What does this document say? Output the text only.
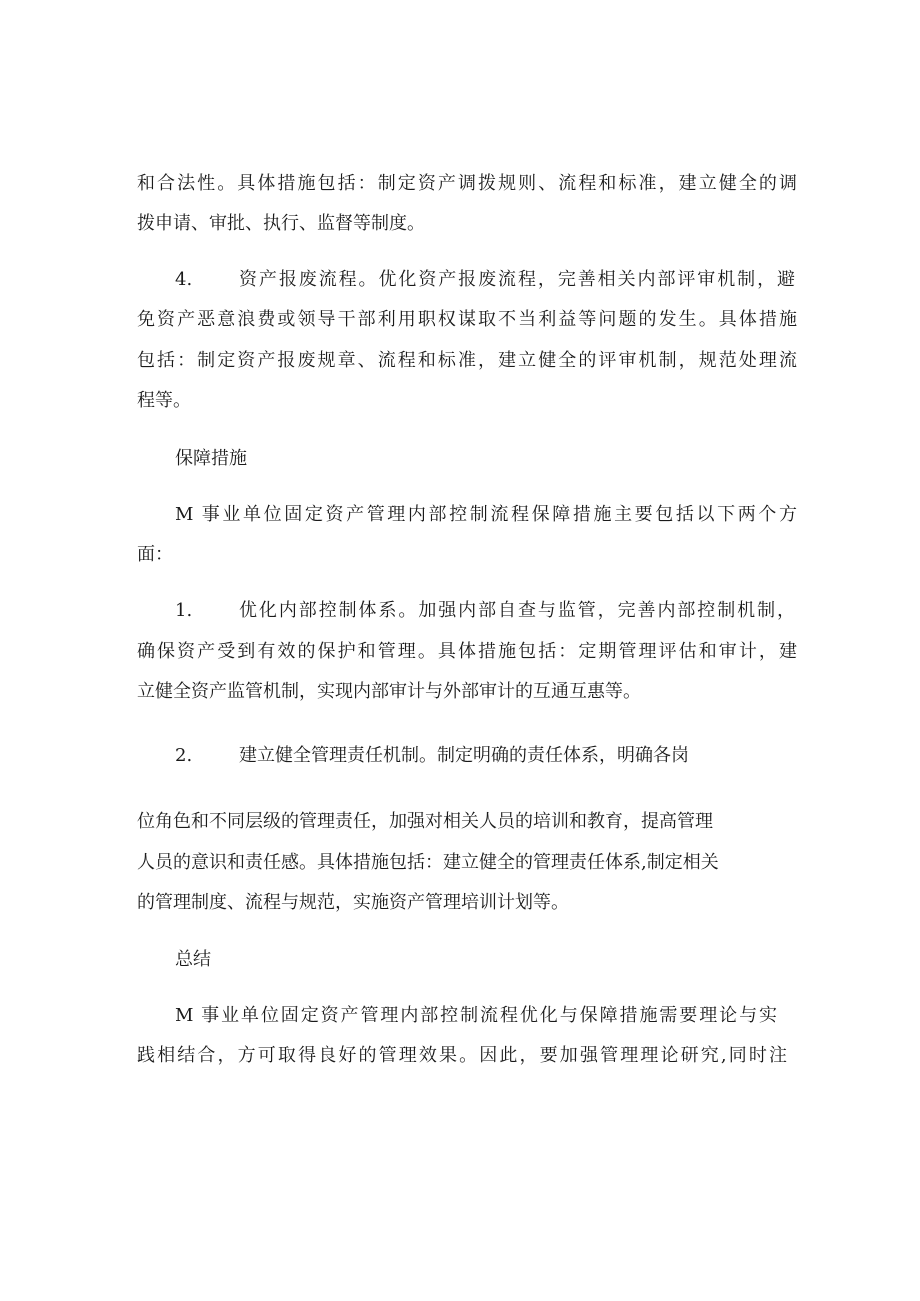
和合法性。具体措施包括：制定资产调拨规则、流程和标准，建立健全的调
拨申请、审批、执行、监督等制度。
4.	资产报废流程。优化资产报废流程，完善相关内部评审机制，避
免资产恶意浪费或领导干部利用职权谋取不当利益等问题的发生。具体措施
包括：制定资产报废规章、流程和标准，建立健全的评审机制，规范处理流
程等。
保障措施
M 事业单位固定资产管理内部控制流程保障措施主要包括以下两个方
面：
1.	优化内部控制体系。加强内部自查与监管，完善内部控制机制，
确保资产受到有效的保护和管理。具体措施包括：定期管理评估和审计，建
立健全资产监管机制，实现内部审计与外部审计的互通互惠等。
2.	建立健全管理责任机制。制定明确的责任体系，明确各岗
位角色和不同层级的管理责任，加强对相关人员的培训和教育，提高管理
人员的意识和责任感。具体措施包括：建立健全的管理责任体系,制定相关
的管理制度、流程与规范，实施资产管理培训计划等。
总结
M 事业单位固定资产管理内部控制流程优化与保障措施需要理论与实
践相结合，方可取得良好的管理效果。因此，要加强管理理论研究,同时注
